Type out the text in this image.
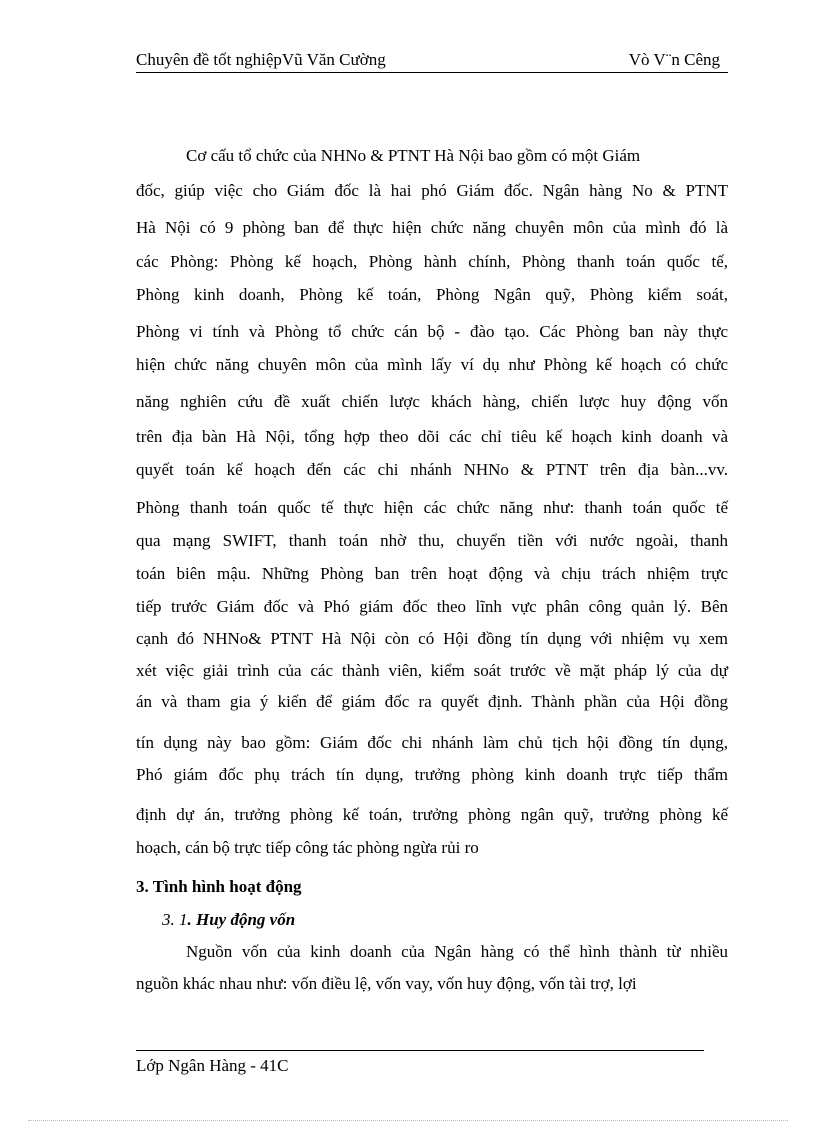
Chuyên đề tốt nghiệpVũ Văn Cường	Vò V¨n Cêng
Cơ cấu tổ chức của NHNo & PTNT Hà Nội bao gồm có một Giám
đốc, giúp việc cho Giám đốc là hai phó Giám đốc. Ngân hàng No & PTNT
Hà Nội có 9 phòng ban để thực hiện chức năng chuyên môn của mình đó là
các Phòng: Phòng kế hoạch, Phòng hành chính, Phòng thanh toán quốc tế,
Phòng kinh doanh, Phòng kế toán, Phòng Ngân quỹ, Phòng kiểm soát,
Phòng vi tính và Phòng tổ chức cán bộ - đào tạo. Các Phòng ban này thực
hiện chức năng chuyên môn của mình lấy ví dụ như Phòng kế hoạch có chức
năng nghiên cứu đề xuất chiến lược khách hàng, chiến lược huy động vốn
trên địa bàn Hà Nội, tổng hợp theo dõi các chỉ tiêu kế hoạch kinh doanh và
quyết toán kế hoạch đến các chi nhánh NHNo & PTNT trên địa bàn...vv.
Phòng thanh toán quốc tế thực hiện các chức năng như: thanh toán quốc tế
qua mạng SWIFT, thanh toán nhờ thu, chuyển tiền với nước ngoài, thanh
toán biên mậu. Những Phòng ban trên hoạt động và chịu trách nhiệm trực
tiếp trước Giám đốc và Phó giám đốc theo lĩnh vực phân công quản lý. Bên
cạnh đó NHNo& PTNT Hà Nội còn có Hội đồng tín dụng với nhiệm vụ xem
xét việc giải trình của các thành viên, kiểm soát trước về mặt pháp lý của dự
án và tham gia ý kiến để giám đốc ra quyết định. Thành phần của Hội đồng
tín dụng này bao gồm: Giám đốc chi nhánh làm chủ tịch hội đồng tín dụng,
Phó giám đốc phụ trách tín dụng, trưởng phòng kinh doanh trực tiếp thẩm
định dự án, trưởng phòng kế toán, trưởng phòng ngân quỹ, trưởng phòng kế
hoạch, cán bộ trực tiếp công tác phòng ngừa rủi ro
3. Tình hình hoạt động
3. 1. Huy động vốn
Nguồn vốn của kinh doanh của Ngân hàng có thể hình thành từ nhiều
nguồn khác nhau như: vốn điều lệ, vốn vay, vốn huy động, vốn tài trợ, lợi
Lớp Ngân Hàng - 41C
